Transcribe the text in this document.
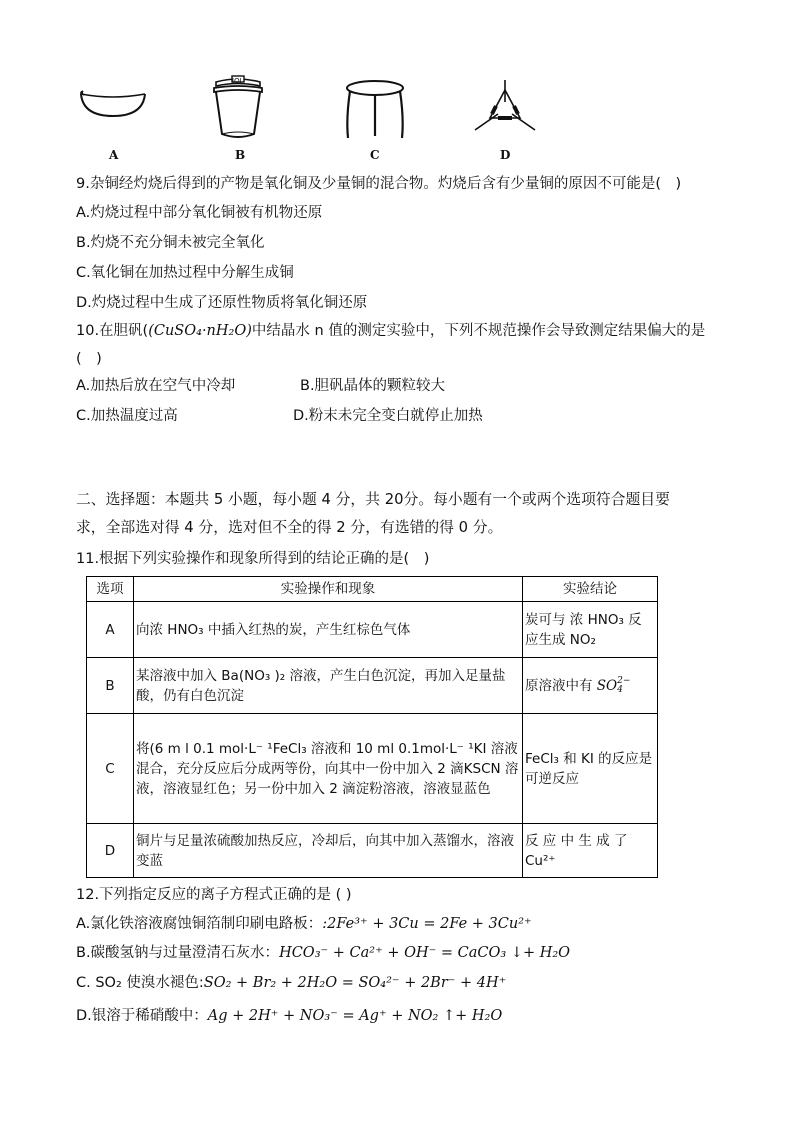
A
IOI
B	C	D
9.杂铜经灼烧后得到的产物是氧化铜及少量铜的混合物。灼烧后含有少量铜的原因不可能是(　)
A.灼烧过程中部分氧化铜被有机物还原
B.灼烧不充分铜未被完全氧化
C.氧化铜在加热过程中分解生成铜
D.灼烧过程中生成了还原性物质将氧化铜还原
10.在胆矾((CuSO₄·nH₂O)中结晶水 n 值的测定实验中，下列不规范操作会导致测定结果偏大的是
(　)
A.加热后放在空气中冷却	B.胆矾晶体的颗粒较大
C.加热温度过高	D.粉末未完全变白就停止加热
二、选择题：本题共 5 小题，每小题 4 分，共 20分。每小题有一个或两个选项符合题目要
求，全部选对得 4 分，选对但不全的得 2 分，有选错的得 0 分。
11.根据下列实验操作和现象所得到的结论正确的是(　)
选项	实验操作和现象	实验结论
A	向浓 HNO₃ 中插入红热的炭，产生红棕色气体	炭可与 浓 HNO₃ 反应生成 NO₂
B	某溶液中加入 Ba(NO₃ )₂ 溶液，产生白色沉淀，再加入足量盐酸，仍有白色沉淀	原溶液中有 SO 2−
4

C	将(6 m l 0.1 mol·L⁻ ¹FeCl₃ 溶液和 10 ml 0.1mol·L⁻ ¹KI 溶液混合，充分反应后分成两等份，向其中一份中加入 2 滴KSCN 溶液，溶液显红色；另一份中加入 2 滴淀粉溶液，溶液显蓝色	FeCl₃ 和 KI 的反应是可逆反应
D	铜片与足量浓硫酸加热反应，冷却后，向其中加入蒸馏水，溶液变蓝	反 应 中 生 成 了 Cu²⁺
12.下列指定反应的离子方程式正确的是 ( )
A.氯化铁溶液腐蚀铜箔制印刷电路板：:2Fe³⁺ + 3Cu = 2Fe + 3Cu²⁺
B.碳酸氢钠与过量澄清石灰水：HCO₃⁻ + Ca²⁺ + OH⁻ = CaCO₃ ↓+ H₂O
C. SO₂ 使溴水褪色:SO₂ + Br₂ + 2H₂O = SO₄²⁻ + 2Br⁻ + 4H⁺
D.银溶于稀硝酸中：Ag + 2H⁺ + NO₃⁻ = Ag⁺ + NO₂ ↑+ H₂O
